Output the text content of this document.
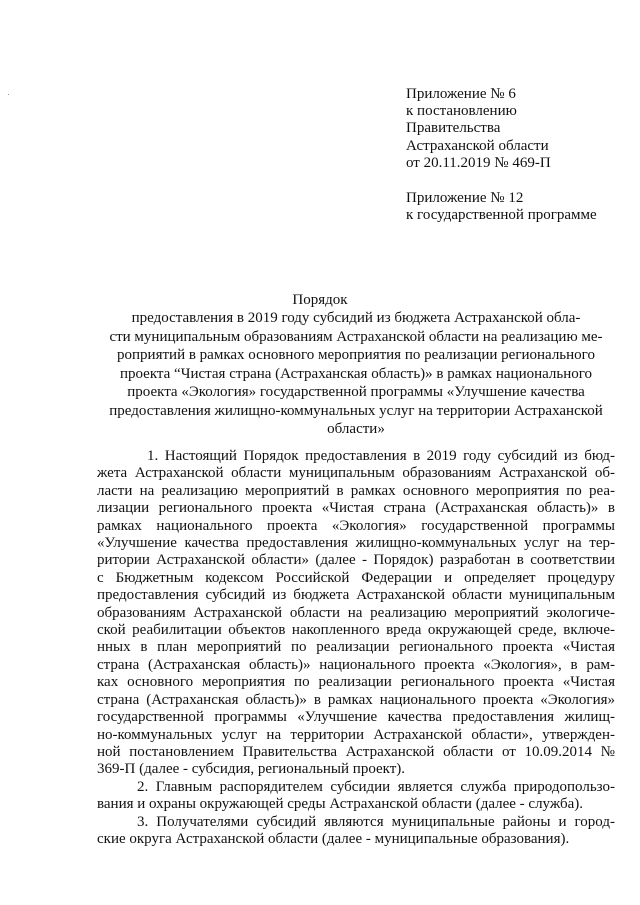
Приложение № 6
к постановлению
Правительства
Астраханской области
от 20.11.2019 № 469-П
Приложение № 12
к государственной программе
Порядок
предоставления в 2019 году субсидий из бюджета Астраханской обла-
сти муниципальным образованиям Астраханской области на реализацию ме-
роприятий в рамках основного мероприятия по реализации регионального
проекта “Чистая страна (Астраханская область)» в рамках национального
проекта «Экология» государственной программы «Улучшение качества
предоставления жилищно-коммунальных услуг на территории Астраханской
области»
1. Настоящий Порядок предоставления в 2019 году субсидий из бюд-
жета Астраханской области муниципальным образованиям Астраханской об-
ласти на реализацию мероприятий в рамках основного мероприятия по реа-
лизации регионального проекта «Чистая страна (Астраханская область)» в
рамках национального проекта «Экология» государственной программы
«Улучшение качества предоставления жилищно-коммунальных услуг на тер-
ритории Астраханской области» (далее - Порядок) разработан в соответствии
с Бюджетным кодексом Российской Федерации и определяет процедуру
предоставления субсидий из бюджета Астраханской области муниципальным
образованиям Астраханской области на реализацию мероприятий экологиче-
ской реабилитации объектов накопленного вреда окружающей среде, включе-
нных в план мероприятий по реализации регионального проекта «Чистая
страна (Астраханская область)» национального проекта «Экология», в рам-
ках основного мероприятия по реализации регионального проекта «Чистая
страна (Астраханская область)» в рамках национального проекта «Экология»
государственной программы «Улучшение качества предоставления жилищ-
но-коммунальных услуг на территории Астраханской области», утвержден-
ной постановлением Правительства Астраханской области от 10.09.2014 №
369-П (далее - субсидия, региональный проект).
2. Главным распорядителем субсидии является служба природопользо-
вания и охраны окружающей среды Астраханской области (далее - служба).
3. Получателями субсидий являются муниципальные районы и город-
ские округа Астраханской области (далее - муниципальные образования).
